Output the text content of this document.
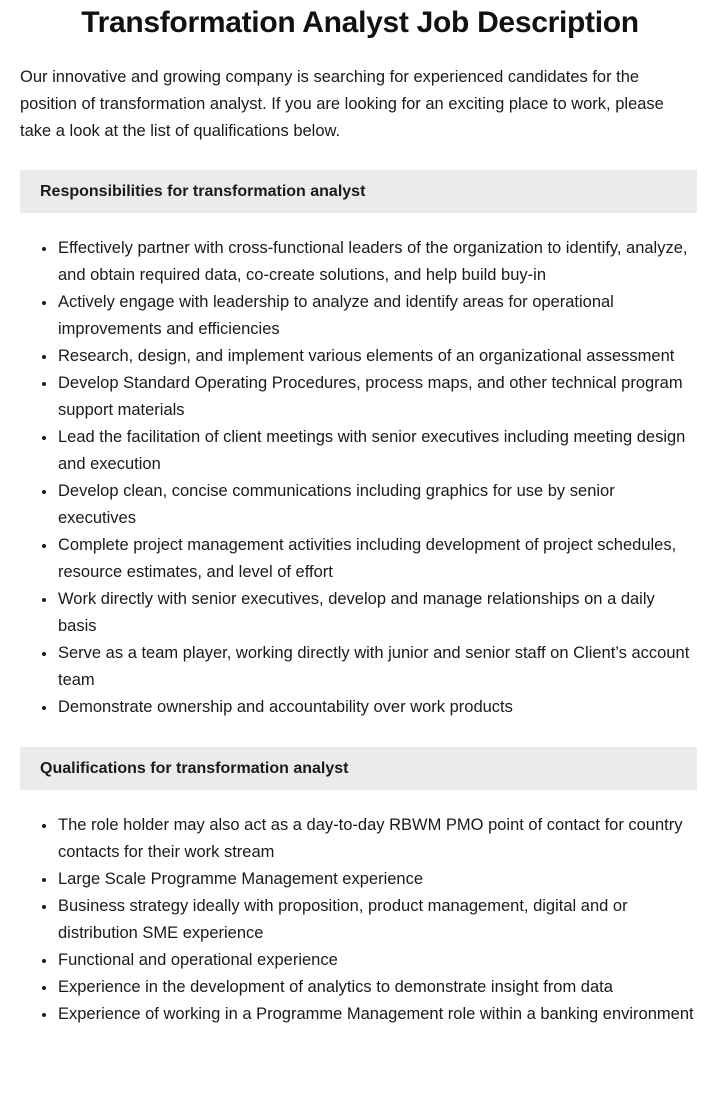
Transformation Analyst Job Description

Our innovative and growing company is searching for experienced candidates for the position of transformation analyst. If you are looking for an exciting place to work, please take a look at the list of qualifications below.

Responsibilities for transformation analyst
Effectively partner with cross-functional leaders of the organization to identify, analyze, and obtain required data, co-create solutions, and help build buy-in
Actively engage with leadership to analyze and identify areas for operational improvements and efficiencies
Research, design, and implement various elements of an organizational assessment
Develop Standard Operating Procedures, process maps, and other technical program support materials
Lead the facilitation of client meetings with senior executives including meeting design and execution
Develop clean, concise communications including graphics for use by senior executives
Complete project management activities including development of project schedules, resource estimates, and level of effort
Work directly with senior executives, develop and manage relationships on a daily basis
Serve as a team player, working directly with junior and senior staff on Client’s account team
Demonstrate ownership and accountability over work products
Qualifications for transformation analyst
The role holder may also act as a day-to-day RBWM PMO point of contact for country contacts for their work stream
Large Scale Programme Management experience
Business strategy ideally with proposition, product management, digital and or distribution SME experience
Functional and operational experience
Experience in the development of analytics to demonstrate insight from data
Experience of working in a Programme Management role within a banking environment
